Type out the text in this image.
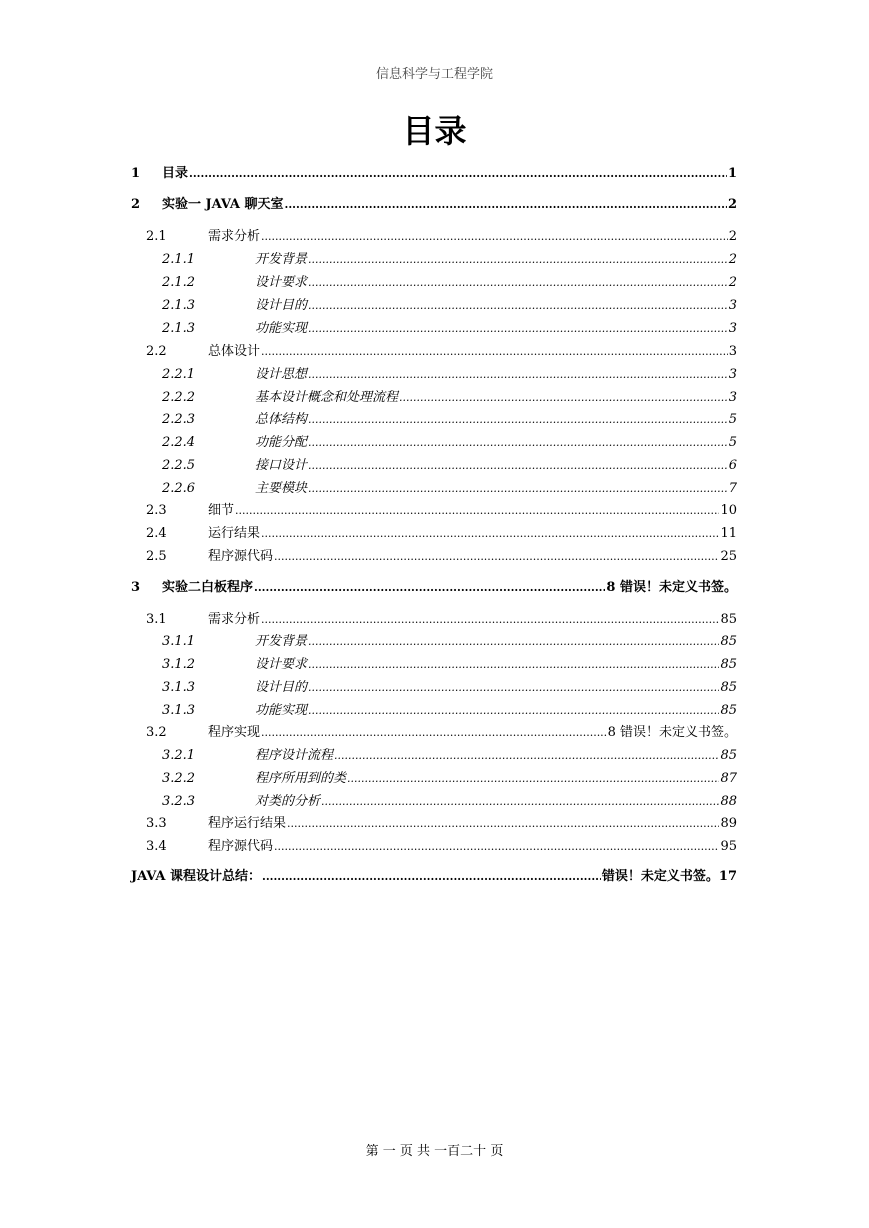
信息科学与工程学院
目录
1	目录 .....	1
2	实验一 JAVA 聊天室 .....	2
2.1	需求分析 .....	2
2.1.1	开发背景 .....	2
2.1.2	设计要求 .....	2
2.1.3	设计目的 .....	3
2.1.3	功能实现 .....	3
2.2	总体设计 .....	3
2.2.1	设计思想 .....	3
2.2.2	基本设计概念和处理流程 .....	3
2.2.3	总体结构 .....	5
2.2.4	功能分配 .....	5
2.2.5	接口设计 .....	6
2.2.6	主要模块 .....	7
2.3	细节 .....	10
2.4	运行结果 .....	11
2.5	程序源代码 .....	25
3	实验二白板程序 .....	8 错误！未定义书签。
3.1	需求分析 .....	85
3.1.1	开发背景 .....	85
3.1.2	设计要求 .....	85
3.1.3	设计目的 .....	85
3.1.3	功能实现 .....	85
3.2	程序实现 .....	8 错误！未定义书签。
3.2.1	程序设计流程 .....	85
3.2.2	程序所用到的类 .....	87
3.2.3	对类的分析 .....	88
3.3	程序运行结果 .....	89
3.4	程序源代码 .....	95
JAVA 课程设计总结： .....	错误！未定义书签。17
第 一 页 共 一百二十 页
